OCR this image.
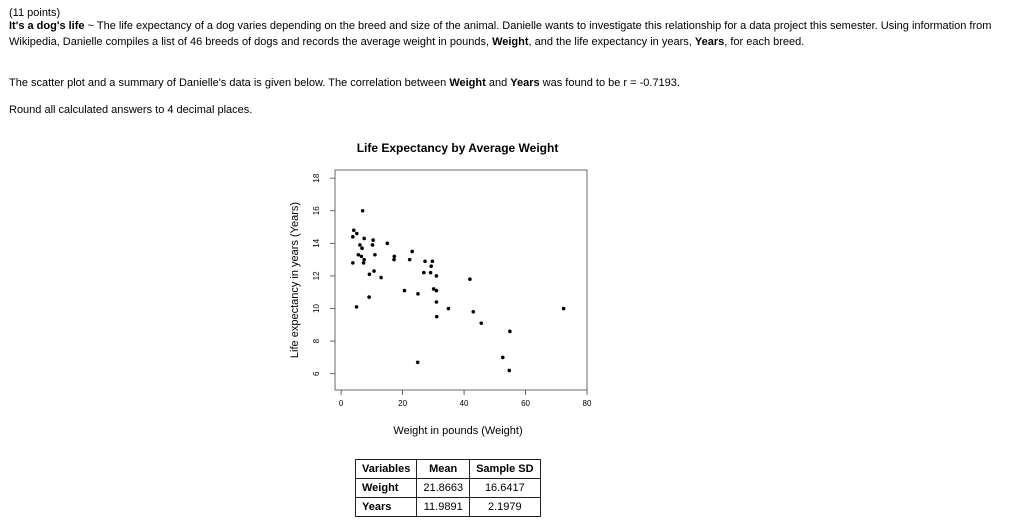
(11 points)
It's a dog's life ~ The life expectancy of a dog varies depending on the breed and size of the animal. Danielle wants to investigate this relationship for a data project this semester. Using information from Wikipedia, Danielle compiles a list of 46 breeds of dogs and records the average weight in pounds, Weight, and the life expectancy in years, Years, for each breed.
The scatter plot and a summary of Danielle's data is given below. The correlation between Weight and Years was found to be r = -0.7193.
Round all calculated answers to 4 decimal places.
Life Expectancy by Average Weight
0	20	40	60	80
6
8
10
12
14
16
18
Weight in pounds (Weight)
Life expectancy in years (Years)
Variables	Mean	Sample SD
Weight	21.8663	16.6417
Years	11.9891	2.1979
